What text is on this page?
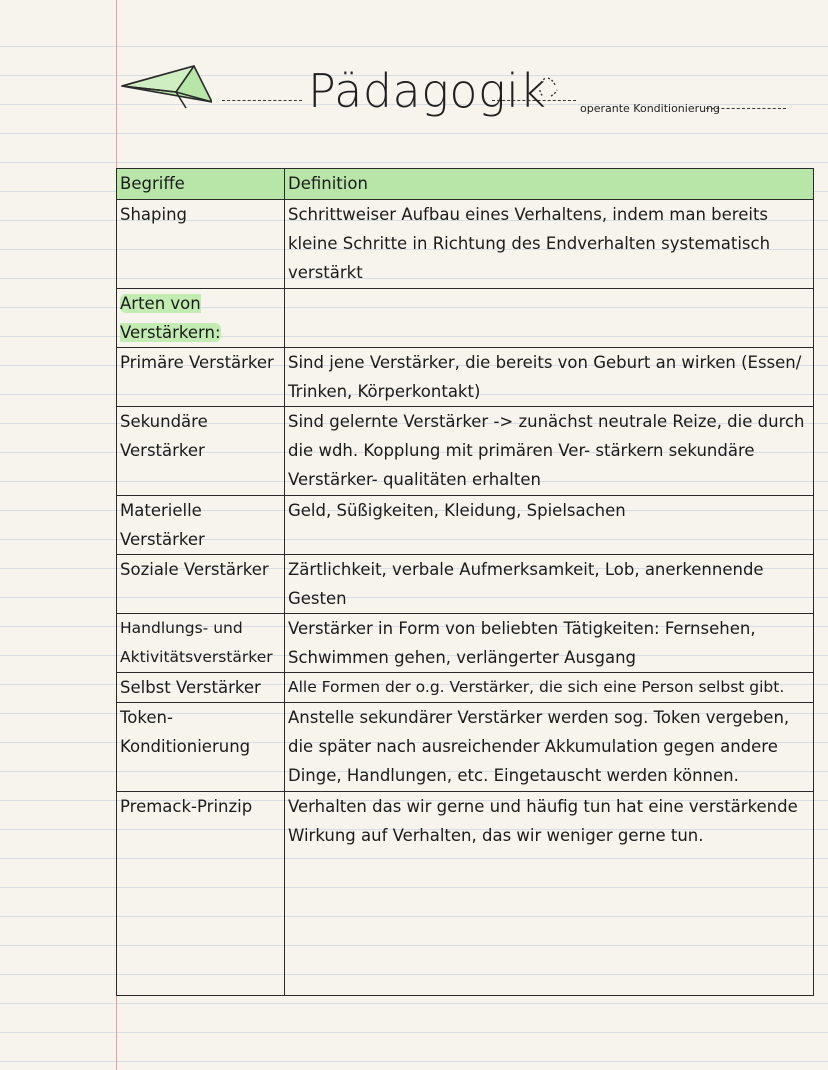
Pädagogik	operante Konditionierung
Begriffe	Definition
Shaping	Schrittweiser Aufbau eines Verhaltens, indem man bereits kleine Schritte in Richtung des Endverhalten systematisch verstärkt
Arten von Verstärkern:	
Primäre Verstärker	Sind jene Verstärker, die bereits von Geburt an wirken (Essen/ Trinken, Körperkontakt)
Sekundäre Verstärker	Sind gelernte Verstärker -> zunächst neutrale Reize, die durch die wdh. Kopplung mit primären Ver- stärkern sekundäre Verstärker- qualitäten erhalten
Materielle Verstärker	Geld, Süßigkeiten, Kleidung, Spielsachen
Soziale Verstärker	Zärtlichkeit, verbale Aufmerksamkeit, Lob, anerkennende Gesten
Handlungs- und Aktivitätsverstärker	Verstärker in Form von beliebten Tätigkeiten: Fernsehen, Schwimmen gehen, verlängerter Ausgang
Selbst Verstärker	Alle Formen der o.g. Verstärker, die sich eine Person selbst gibt.
Token- Konditionierung	Anstelle sekundärer Verstärker werden sog. Token vergeben, die später nach ausreichender Akkumulation gegen andere Dinge, Handlungen, etc. Eingetauscht werden können.
Premack-Prinzip	Verhalten das wir gerne und häufig tun hat eine verstärkende Wirkung auf Verhalten, das wir weniger gerne tun.
